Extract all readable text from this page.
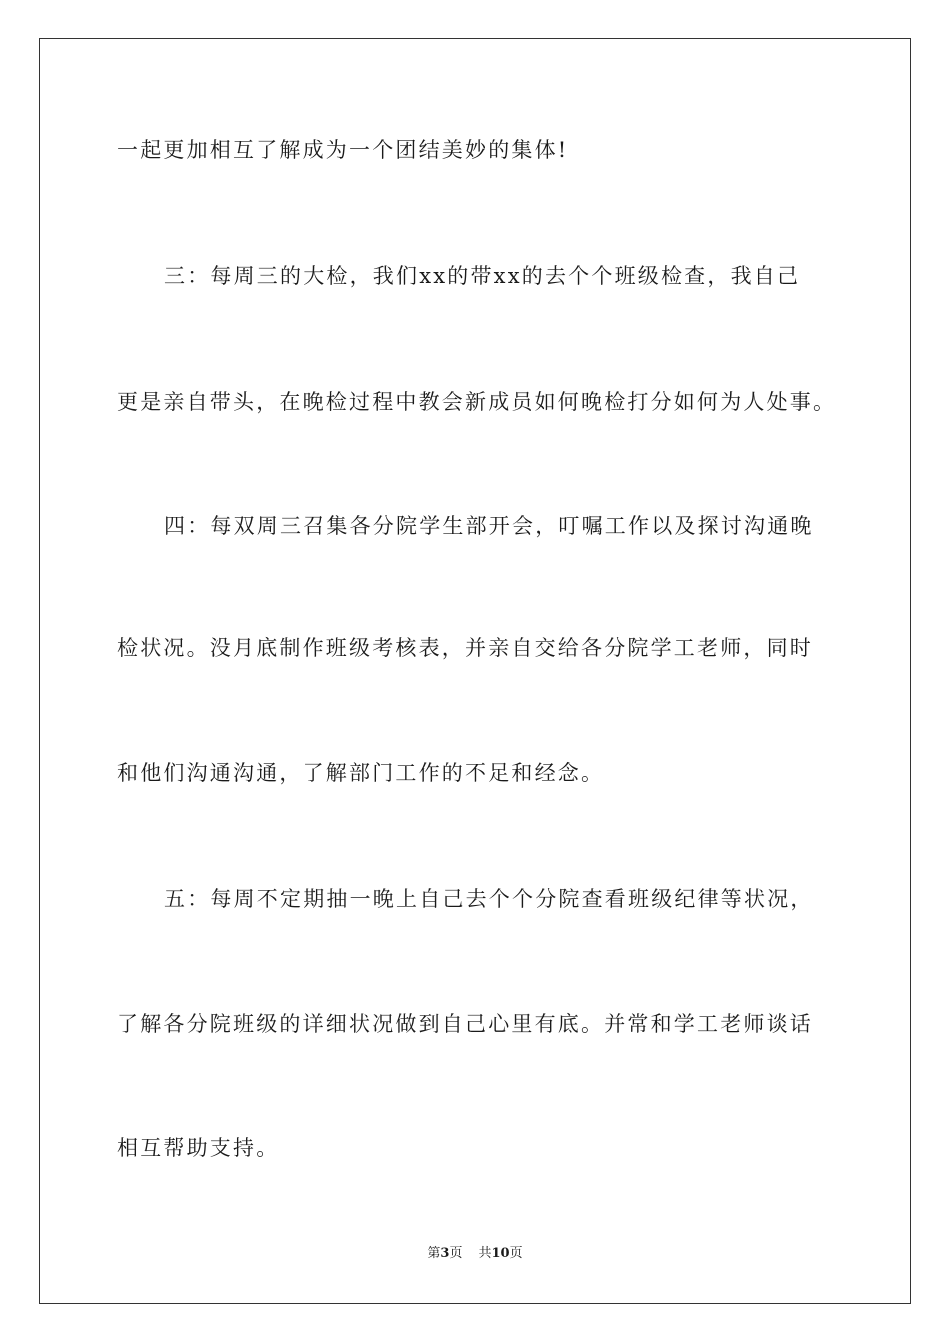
一起更加相互了解成为一个团结美妙的集体!
三：每周三的大检，我们xx的带xx的去个个班级检查，我自己
更是亲自带头，在晚检过程中教会新成员如何晚检打分如何为人处事。
四：每双周三召集各分院学生部开会，叮嘱工作以及探讨沟通晚
检状况。没月底制作班级考核表，并亲自交给各分院学工老师，同时
和他们沟通沟通，了解部门工作的不足和经念。
五：每周不定期抽一晚上自己去个个分院查看班级纪律等状况，
了解各分院班级的详细状况做到自己心里有底。并常和学工老师谈话
相互帮助支持。
第3页 共10页
